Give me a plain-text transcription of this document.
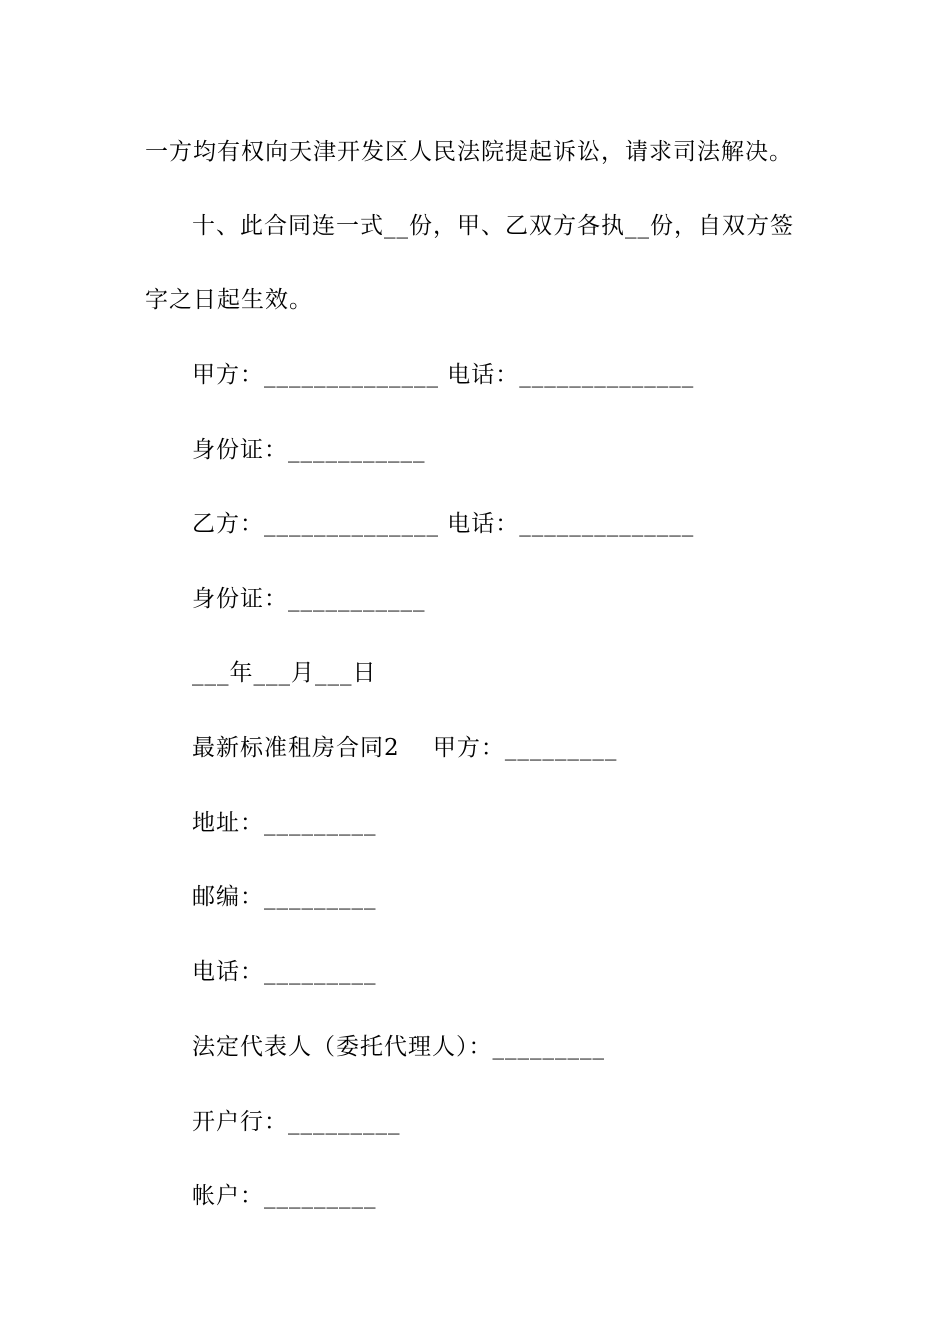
一方均有权向天津开发区人民法院提起诉讼，请求司法解决。
十、此合同连一式__份，甲、乙双方各执__份，自双方签
字之日起生效。
甲方：______________ 电话：______________
身份证：___________
乙方：______________ 电话：______________
身份证：___________
___年___月___日
最新标准租房合同2    甲方：_________
地址：_________
邮编：_________
电话：_________
法定代表人（委托代理人）：_________
开户行：_________
帐户：_________
